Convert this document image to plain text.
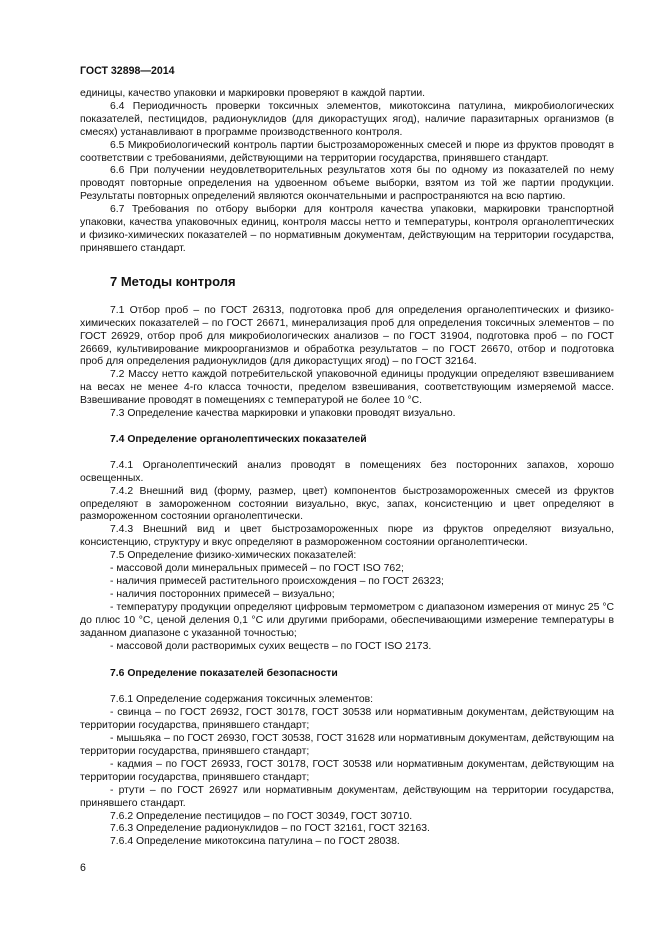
ГОСТ 32898—2014

единицы, качество упаковки и маркировки проверяют в каждой партии.

6.4 Периодичность проверки токсичных элементов, микотоксина патулина, микробиологических показателей, пестицидов, радионуклидов (для дикорастущих ягод), наличие паразитарных организмов (в смесях) устанавливают в программе производственного контроля.

6.5 Микробиологический контроль партии быстрозамороженных смесей и пюре из фруктов проводят в соответствии с требованиями, действующими на территории государства, принявшего стандарт.

6.6 При получении неудовлетворительных результатов хотя бы по одному из показателей по нему проводят повторные определения на удвоенном объеме выборки, взятом из той же партии продукции. Результаты повторных определений являются окончательными и распространяются на всю партию.

6.7 Требования по отбору выборки для контроля качества упаковки, маркировки транспортной упаковки, качества упаковочных единиц, контроля массы нетто и температуры, контроля органолептических и физико-химических показателей – по нормативным документам, действующим на территории государства, принявшего стандарт.

7 Методы контроля

7.1 Отбор проб – по ГОСТ 26313, подготовка проб для определения органолептических и физико-химических показателей – по ГОСТ 26671, минерализация проб для определения токсичных элементов – по ГОСТ 26929, отбор проб для микробиологических анализов – по ГОСТ 31904, подготовка проб – по ГОСТ 26669, культивирование микроорганизмов и обработка результатов – по ГОСТ 26670, отбор и подготовка проб для определения радионуклидов (для дикорастущих ягод) – по ГОСТ 32164.

7.2 Массу нетто каждой потребительской упаковочной единицы продукции определяют взвешиванием на весах не менее 4-го класса точности, пределом взвешивания, соответствующим измеряемой массе. Взвешивание проводят в помещениях с температурой не более 10 °С.

7.3 Определение качества маркировки и упаковки проводят визуально.

7.4 Определение органолептических показателей

7.4.1 Органолептический анализ проводят в помещениях без посторонних запахов, хорошо освещенных.

7.4.2 Внешний вид (форму, размер, цвет) компонентов быстрозамороженных смесей из фруктов определяют в замороженном состоянии визуально, вкус, запах, консистенцию и цвет определяют в размороженном состоянии органолептически.

7.4.3 Внешний вид и цвет быстрозамороженных пюре из фруктов определяют визуально, консистенцию, структуру и вкус определяют в размороженном состоянии органолептически.

7.5 Определение физико-химических показателей:

- массовой доли минеральных примесей – по ГОСТ ISO 762;

- наличия примесей растительного происхождения – по ГОСТ 26323;

- наличия посторонних примесей – визуально;

- температуру продукции определяют цифровым термометром с диапазоном измерения от минус 25 °С до плюс 10 °С, ценой деления 0,1 °С или другими приборами, обеспечивающими измерение температуры в заданном диапазоне с указанной точностью;

- массовой доли растворимых сухих веществ – по ГОСТ ISO 2173.

7.6 Определение показателей безопасности

7.6.1 Определение содержания токсичных элементов:

- свинца – по ГОСТ 26932, ГОСТ 30178, ГОСТ 30538 или нормативным документам, действующим на территории государства, принявшего стандарт;

- мышьяка – по ГОСТ 26930, ГОСТ 30538, ГОСТ 31628 или нормативным документам, действующим на территории государства, принявшего стандарт;

- кадмия – по ГОСТ 26933, ГОСТ 30178, ГОСТ 30538 или нормативным документам, действующим на территории государства, принявшего стандарт;

- ртути – по ГОСТ 26927 или нормативным документам, действующим на территории государства, принявшего стандарт.

7.6.2 Определение пестицидов – по ГОСТ 30349, ГОСТ 30710.

7.6.3 Определение радионуклидов – по ГОСТ 32161, ГОСТ 32163.

7.6.4 Определение микотоксина патулина – по ГОСТ 28038.

6
